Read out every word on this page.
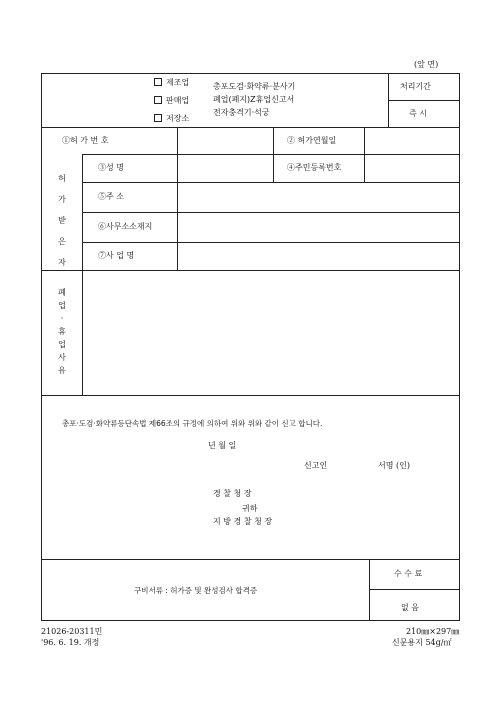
(앞 면)
제조업
판매업
저장소
총포도검·화약류·분사기
폐업(폐지)Z휴업신고서
전자충격기·석궁
처리기간
즉 시
①허 가 번 호	② 허가연월일
허
가
받
은
자
③성 명	④주민등록번호
⑤주 소
⑥사무소소재지
⑦사 업 명
폐
업
·
휴
업
사
유
총포·도검·화약류등단속법 제66조의 규정에 의하여 위와 위와 같이 신고 합니다.
년 월 일
신고인	서명 (인)
경 찰 청 장
귀하
지 방 경 찰 청 장
구비서류 : 허가증 및 완성검사 합격증
수 수 료
없 음
21026-20311민
'96. 6. 19. 개정
210㎜×297㎜
신문용지 54g/㎡
